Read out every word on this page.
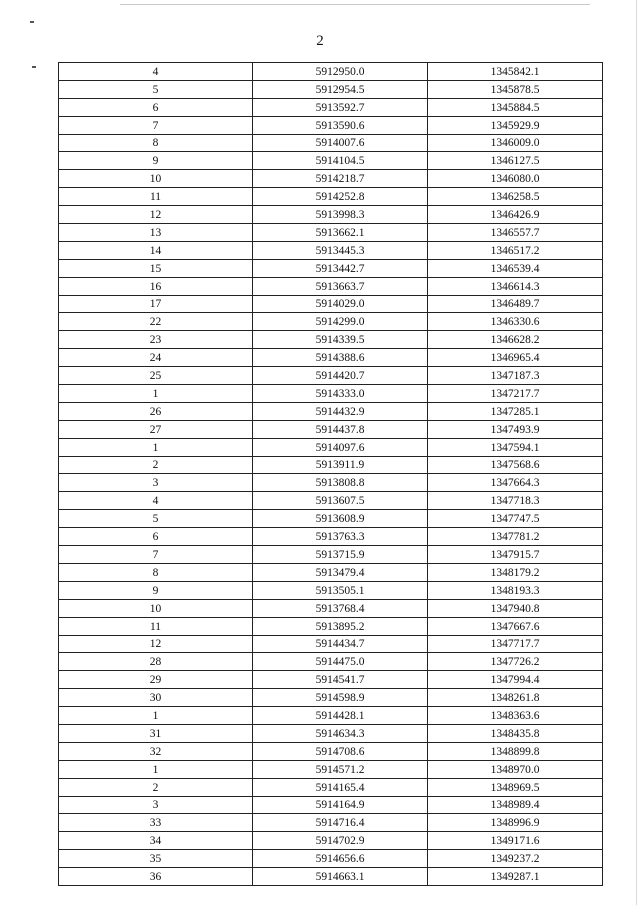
2
4	5912950.0	1345842.1
5	5912954.5	1345878.5
6	5913592.7	1345884.5
7	5913590.6	1345929.9
8	5914007.6	1346009.0
9	5914104.5	1346127.5
10	5914218.7	1346080.0
11	5914252.8	1346258.5
12	5913998.3	1346426.9
13	5913662.1	1346557.7
14	5913445.3	1346517.2
15	5913442.7	1346539.4
16	5913663.7	1346614.3
17	5914029.0	1346489.7
22	5914299.0	1346330.6
23	5914339.5	1346628.2
24	5914388.6	1346965.4
25	5914420.7	1347187.3
1	5914333.0	1347217.7
26	5914432.9	1347285.1
27	5914437.8	1347493.9
1	5914097.6	1347594.1
2	5913911.9	1347568.6
3	5913808.8	1347664.3
4	5913607.5	1347718.3
5	5913608.9	1347747.5
6	5913763.3	1347781.2
7	5913715.9	1347915.7
8	5913479.4	1348179.2
9	5913505.1	1348193.3
10	5913768.4	1347940.8
11	5913895.2	1347667.6
12	5914434.7	1347717.7
28	5914475.0	1347726.2
29	5914541.7	1347994.4
30	5914598.9	1348261.8
1	5914428.1	1348363.6
31	5914634.3	1348435.8
32	5914708.6	1348899.8
1	5914571.2	1348970.0
2	5914165.4	1348969.5
3	5914164.9	1348989.4
33	5914716.4	1348996.9
34	5914702.9	1349171.6
35	5914656.6	1349237.2
36	5914663.1	1349287.1
